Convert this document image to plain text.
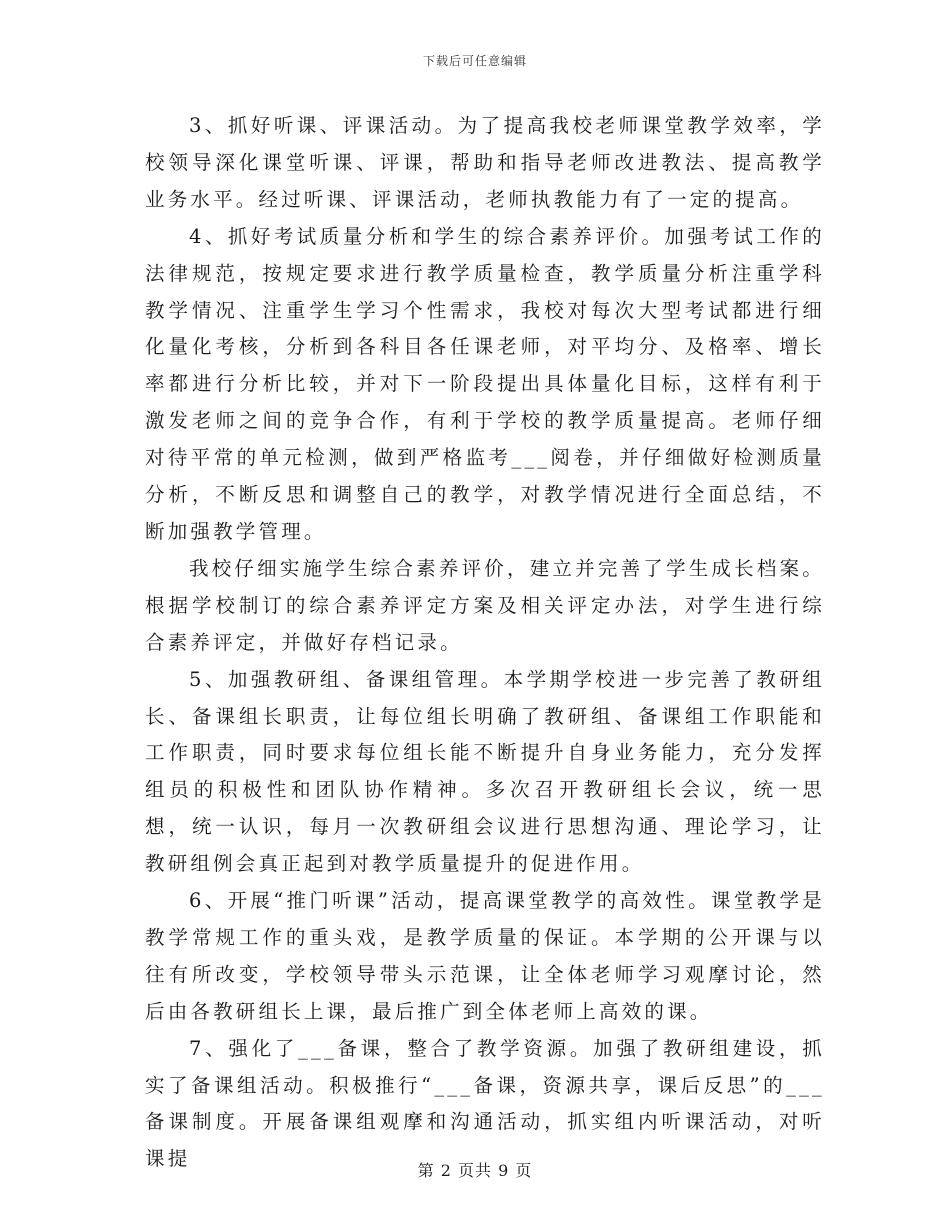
下载后可任意编辑

3、抓好听课、评课活动。为了提高我校老师课堂教学效率，学校领导深化课堂听课、评课，帮助和指导老师改进教法、提高教学业务水平。经过听课、评课活动，老师执教能力有了一定的提高。

4、抓好考试质量分析和学生的综合素养评价。加强考试工作的法律规范，按规定要求进行教学质量检查，教学质量分析注重学科教学情况、注重学生学习个性需求，我校对每次大型考试都进行细化量化考核，分析到各科目各任课老师，对平均分、及格率、增长率都进行分析比较，并对下一阶段提出具体量化目标，这样有利于激发老师之间的竞争合作，有利于学校的教学质量提高。老师仔细对待平常的单元检测，做到严格监考___阅卷，并仔细做好检测质量分析，不断反思和调整自己的教学，对教学情况进行全面总结，不断加强教学管理。

我校仔细实施学生综合素养评价，建立并完善了学生成长档案。根据学校制订的综合素养评定方案及相关评定办法，对学生进行综合素养评定，并做好存档记录。

5、加强教研组、备课组管理。本学期学校进一步完善了教研组长、备课组长职责，让每位组长明确了教研组、备课组工作职能和工作职责，同时要求每位组长能不断提升自身业务能力，充分发挥组员的积极性和团队协作精神。多次召开教研组长会议，统一思想，统一认识，每月一次教研组会议进行思想沟通、理论学习，让教研组例会真正起到对教学质量提升的促进作用。

6、开展“推门听课”活动，提高课堂教学的高效性。课堂教学是教学常规工作的重头戏，是教学质量的保证。本学期的公开课与以往有所改变，学校领导带头示范课，让全体老师学习观摩讨论，然后由各教研组长上课，最后推广到全体老师上高效的课。

7、强化了___备课，整合了教学资源。加强了教研组建设，抓实了备课组活动。积极推行“___备课，资源共享，课后反思”的___备课制度。开展备课组观摩和沟通活动，抓实组内听课活动，对听课提

第 2 页共 9 页
